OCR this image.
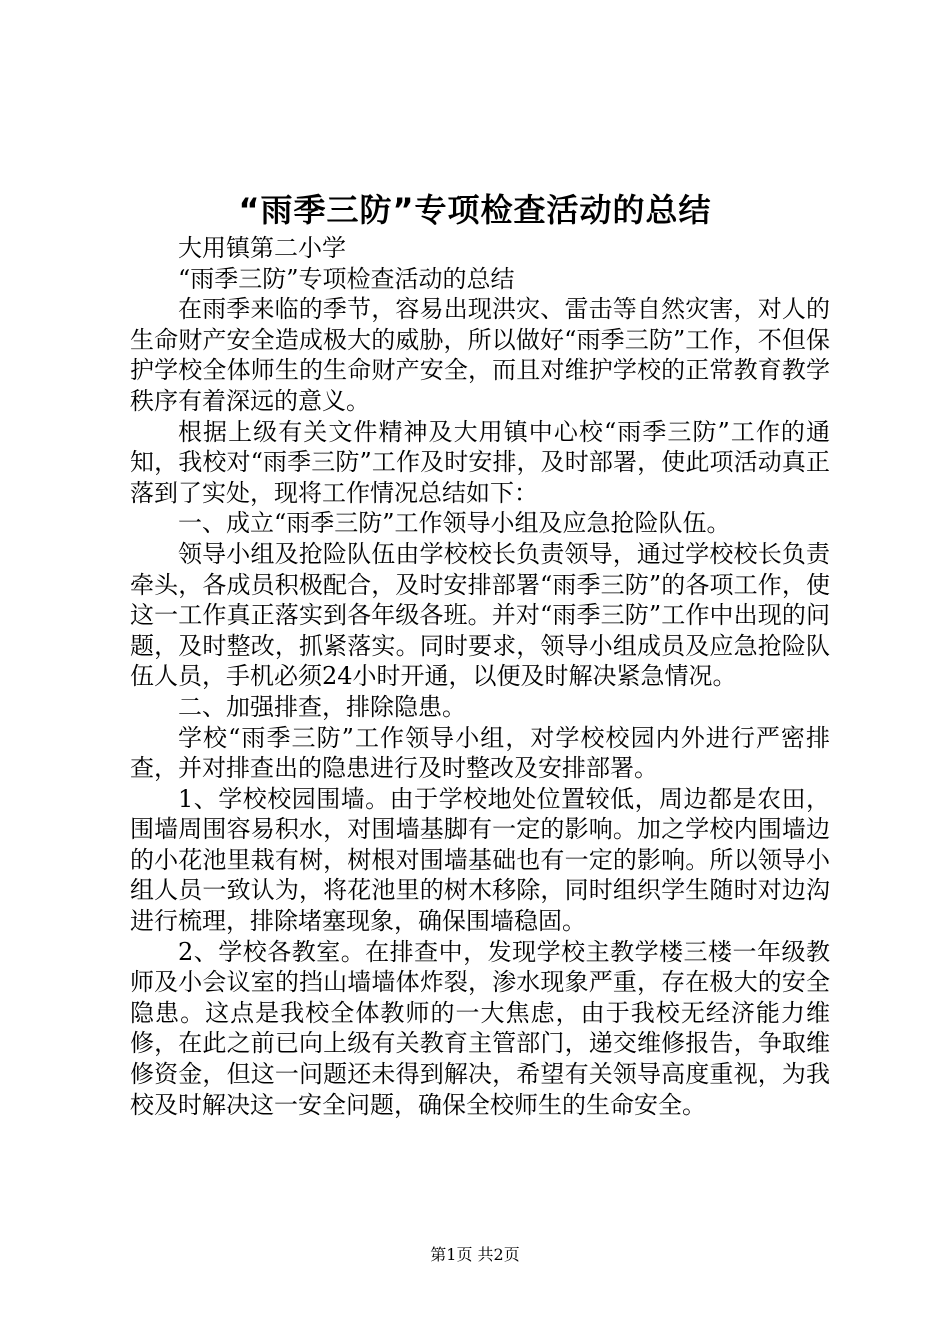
“雨季三防”专项检查活动的总结

大用镇第二小学

“雨季三防”专项检查活动的总结

在雨季来临的季节，容易出现洪灾、雷击等自然灾害，对人的生命财产安全造成极大的威胁，所以做好“雨季三防”工作，不但保护学校全体师生的生命财产安全，而且对维护学校的正常教育教学秩序有着深远的意义。

根据上级有关文件精神及大用镇中心校“雨季三防”工作的通知，我校对“雨季三防”工作及时安排，及时部署，使此项活动真正落到了实处，现将工作情况总结如下：

一、成立“雨季三防”工作领导小组及应急抢险队伍。

领导小组及抢险队伍由学校校长负责领导，通过学校校长负责牵头，各成员积极配合，及时安排部署“雨季三防”的各项工作，使这一工作真正落实到各年级各班。并对“雨季三防”工作中出现的问题，及时整改，抓紧落实。同时要求，领导小组成员及应急抢险队伍人员，手机必须24小时开通，以便及时解决紧急情况。

二、加强排查，排除隐患。

学校“雨季三防”工作领导小组，对学校校园内外进行严密排查，并对排查出的隐患进行及时整改及安排部署。

1、学校校园围墙。由于学校地处位置较低，周边都是农田，围墙周围容易积水，对围墙基脚有一定的影响。加之学校内围墙边的小花池里栽有树，树根对围墙基础也有一定的影响。所以领导小组人员一致认为，将花池里的树木移除，同时组织学生随时对边沟进行梳理，排除堵塞现象，确保围墙稳固。

2、学校各教室。在排查中，发现学校主教学楼三楼一年级教师及小会议室的挡山墙墙体炸裂，渗水现象严重，存在极大的安全隐患。这点是我校全体教师的一大焦虑，由于我校无经济能力维修，在此之前已向上级有关教育主管部门，递交维修报告，争取维修资金，但这一问题还未得到解决，希望有关领导高度重视，为我校及时解决这一安全问题，确保全校师生的生命安全。

第1页 共2页
